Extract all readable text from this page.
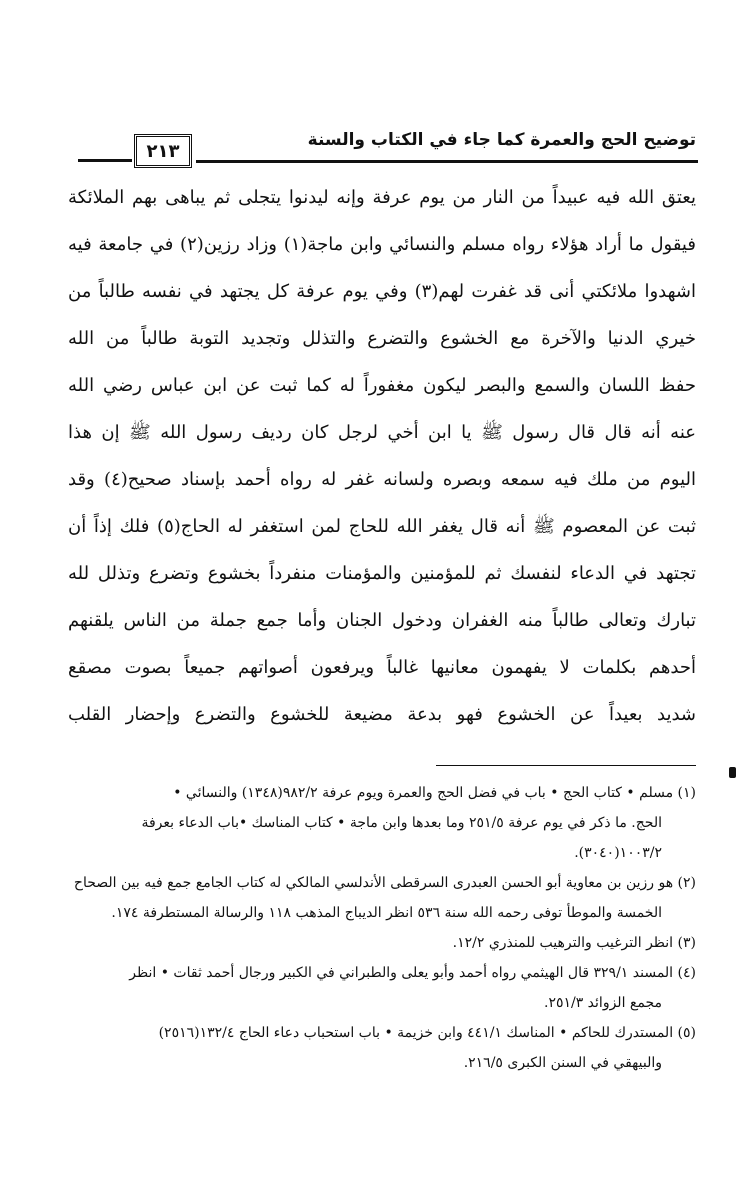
توضيح الحج والعمرة كما جاء في الكتاب والسنة
٢١٣
يعتق الله فيه عبيداً من النار من يوم عرفة وإنه ليدنوا يتجلى ثم يباهى بهم الملائكة
فيقول ما أراد هؤلاء رواه مسلم والنسائي وابن ماجة(١) وزاد رزين(٢) في جامعة فيه
اشهدوا ملائكتي أنى قد غفرت لهم(٣) وفي يوم عرفة كل يجتهد في نفسه طالباً من
خيري الدنيا والآخرة مع الخشوع والتضرع والتذلل وتجديد التوبة طالباً من الله
حفظ اللسان والسمع والبصر ليكون مغفوراً له كما ثبت عن ابن عباس رضي الله
عنه أنه قال قال رسول ﷺ يا ابن أخي لرجل كان رديف رسول الله ﷺ إن هذا
اليوم من ملك فيه سمعه وبصره ولسانه غفر له رواه أحمد بإسناد صحيح(٤) وقد
ثبت عن المعصوم ﷺ أنه قال يغفر الله للحاج لمن استغفر له الحاج(٥) فلك إذاً أن
تجتهد في الدعاء لنفسك ثم للمؤمنين والمؤمنات منفرداً بخشوع وتضرع وتذلل لله
تبارك وتعالى طالباً منه الغفران ودخول الجنان وأما جمع جملة من الناس يلقنهم
أحدهم بكلمات لا يفهمون معانيها غالباً ويرفعون أصواتهم جميعاً بصوت مصقع
شديد بعيداً عن الخشوع فهو بدعة مضيعة للخشوع والتضرع وإحضار القلب
(١) مسلم • كتاب الحج • باب في فضل الحج والعمرة ويوم عرفة ٩٨٢/٢(١٣٤٨) والنسائي •
الحج. ما ذكر في يوم عرفة ٢٥١/٥ وما بعدها وابن ماجة • كتاب المناسك •باب الدعاء بعرفة
١٠٠٣/٢(٣٠٤٠).
(٢) هو رزين بن معاوية أبو الحسن العبدرى السرقطى الأندلسي المالكي له كتاب الجامع جمع فيه بين الصحاح
الخمسة والموطأ توفى رحمه الله سنة ٥٣٦ انظر الديباج المذهب ١١٨ والرسالة المستطرفة ١٧٤.
(٣) انظر الترغيب والترهيب للمنذري ١٢/٢.
(٤) المسند ٣٢٩/١ قال الهيثمي رواه أحمد وأبو يعلى والطبراني في الكبير ورجال أحمد ثقات • انظر
مجمع الزوائد ٢٥١/٣.
(٥) المستدرك للحاكم • المناسك ٤٤١/١ وابن خزيمة • باب استحباب دعاء الحاج ١٣٢/٤(٢٥١٦)
والبيهقي في السنن الكبرى ٢١٦/٥.
